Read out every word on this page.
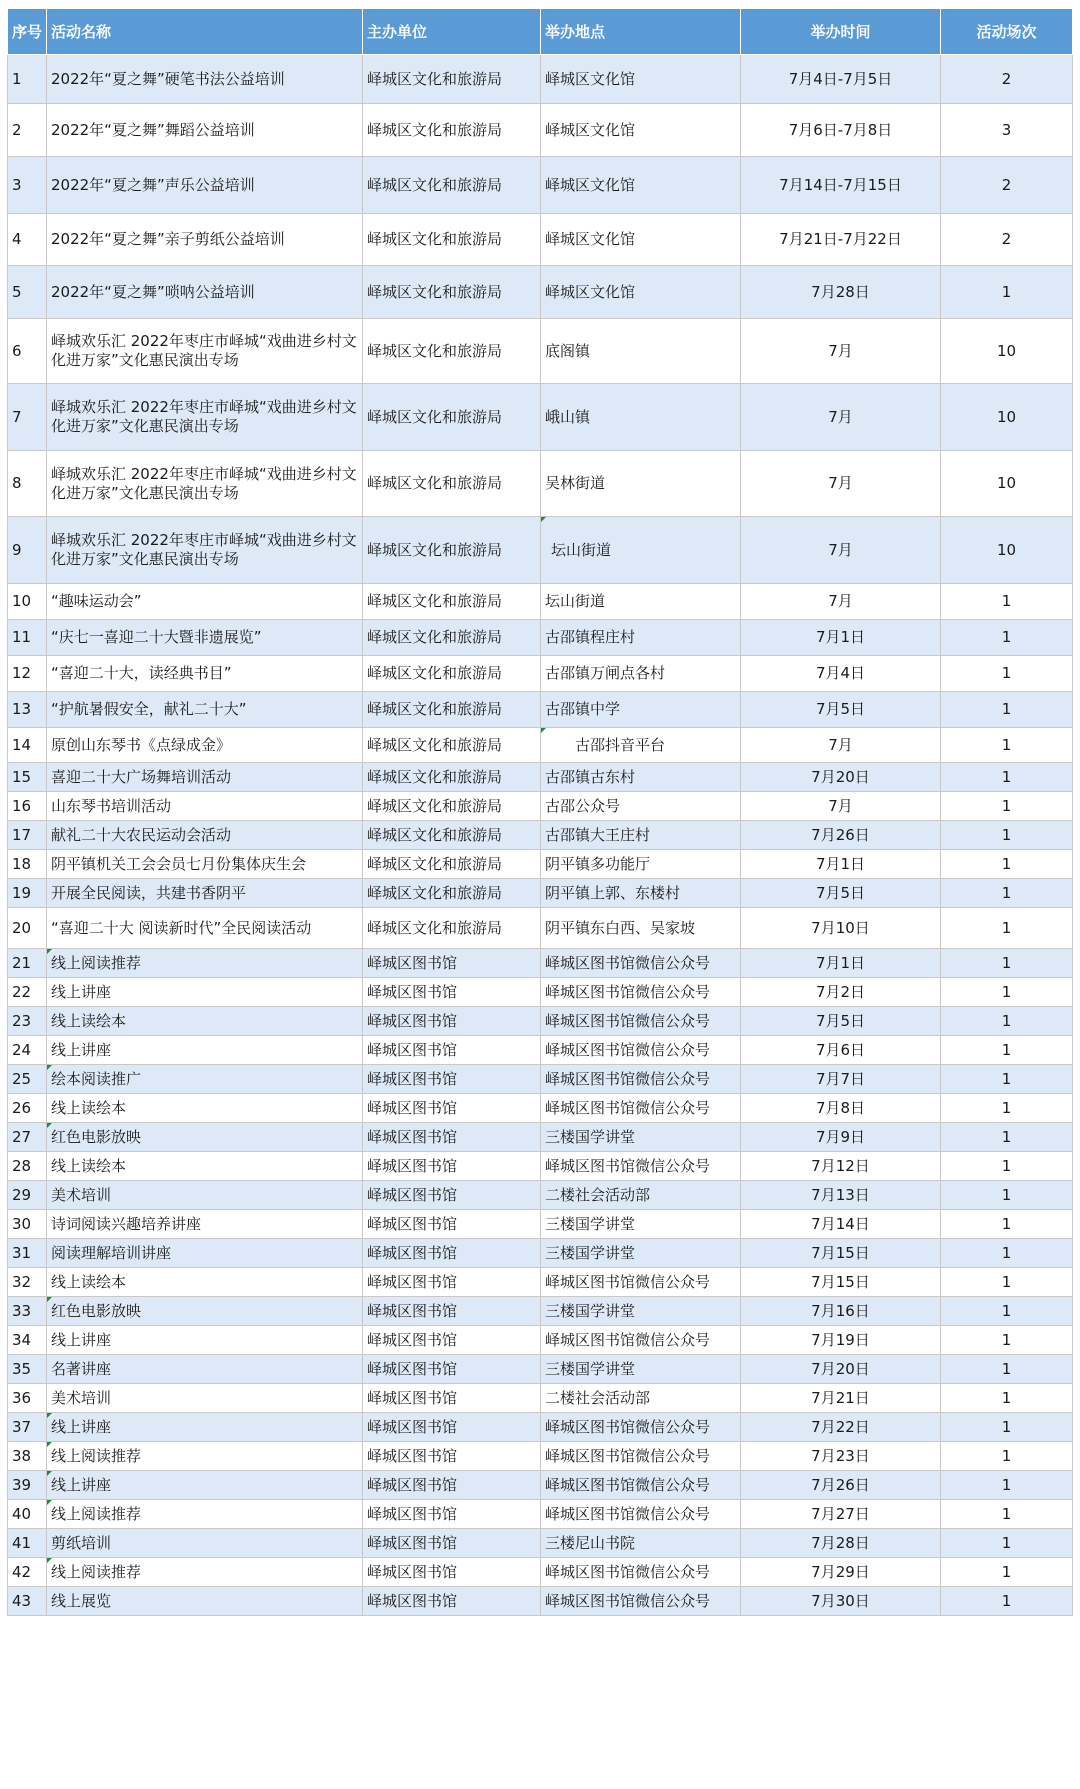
序号	活动名称	主办单位	举办地点	举办时间	活动场次
1	2022年“夏之舞”硬笔书法公益培训	峄城区文化和旅游局	峄城区文化馆	7月4日-7月5日	2
2	2022年“夏之舞”舞蹈公益培训	峄城区文化和旅游局	峄城区文化馆	7月6日-7月8日	3
3	2022年“夏之舞”声乐公益培训	峄城区文化和旅游局	峄城区文化馆	7月14日-7月15日	2
4	2022年“夏之舞”亲子剪纸公益培训	峄城区文化和旅游局	峄城区文化馆	7月21日-7月22日	2
5	2022年“夏之舞”唢呐公益培训	峄城区文化和旅游局	峄城区文化馆	7月28日	1
6	峄城欢乐汇 2022年枣庄市峄城“戏曲进乡村文化进万家”文化惠民演出专场	峄城区文化和旅游局	底阁镇	7月	10
7	峄城欢乐汇 2022年枣庄市峄城“戏曲进乡村文化进万家”文化惠民演出专场	峄城区文化和旅游局	峨山镇	7月	10
8	峄城欢乐汇 2022年枣庄市峄城“戏曲进乡村文化进万家”文化惠民演出专场	峄城区文化和旅游局	吴林街道	7月	10
9	峄城欢乐汇 2022年枣庄市峄城“戏曲进乡村文化进万家”文化惠民演出专场	峄城区文化和旅游局	坛山街道	7月	10
10	“趣味运动会”	峄城区文化和旅游局	坛山街道	7月	1
11	“庆七一喜迎二十大暨非遗展览”	峄城区文化和旅游局	古邵镇程庄村	7月1日	1
12	“喜迎二十大，读经典书目”	峄城区文化和旅游局	古邵镇万闸点各村	7月4日	1
13	“护航暑假安全，献礼二十大”	峄城区文化和旅游局	古邵镇中学	7月5日	1
14	原创山东琴书《点绿成金》	峄城区文化和旅游局	古邵抖音平台	7月	1
15	喜迎二十大广场舞培训活动	峄城区文化和旅游局	古邵镇古东村	7月20日	1
16	山东琴书培训活动	峄城区文化和旅游局	古邵公众号	7月	1
17	献礼二十大农民运动会活动	峄城区文化和旅游局	古邵镇大王庄村	7月26日	1
18	阴平镇机关工会会员七月份集体庆生会	峄城区文化和旅游局	阴平镇多功能厅	7月1日	1
19	开展全民阅读，共建书香阴平	峄城区文化和旅游局	阴平镇上郭、东楼村	7月5日	1
20	“喜迎二十大 阅读新时代”全民阅读活动	峄城区文化和旅游局	阴平镇东白西、吴家坡	7月10日	1
21	线上阅读推荐	峄城区图书馆	峄城区图书馆微信公众号	7月1日	1
22	线上讲座	峄城区图书馆	峄城区图书馆微信公众号	7月2日	1
23	线上读绘本	峄城区图书馆	峄城区图书馆微信公众号	7月5日	1
24	线上讲座	峄城区图书馆	峄城区图书馆微信公众号	7月6日	1
25	绘本阅读推广	峄城区图书馆	峄城区图书馆微信公众号	7月7日	1
26	线上读绘本	峄城区图书馆	峄城区图书馆微信公众号	7月8日	1
27	红色电影放映	峄城区图书馆	三楼国学讲堂	7月9日	1
28	线上读绘本	峄城区图书馆	峄城区图书馆微信公众号	7月12日	1
29	美术培训	峄城区图书馆	二楼社会活动部	7月13日	1
30	诗词阅读兴趣培养讲座	峄城区图书馆	三楼国学讲堂	7月14日	1
31	阅读理解培训讲座	峄城区图书馆	三楼国学讲堂	7月15日	1
32	线上读绘本	峄城区图书馆	峄城区图书馆微信公众号	7月15日	1
33	红色电影放映	峄城区图书馆	三楼国学讲堂	7月16日	1
34	线上讲座	峄城区图书馆	峄城区图书馆微信公众号	7月19日	1
35	名著讲座	峄城区图书馆	三楼国学讲堂	7月20日	1
36	美术培训	峄城区图书馆	二楼社会活动部	7月21日	1
37	线上讲座	峄城区图书馆	峄城区图书馆微信公众号	7月22日	1
38	线上阅读推荐	峄城区图书馆	峄城区图书馆微信公众号	7月23日	1
39	线上讲座	峄城区图书馆	峄城区图书馆微信公众号	7月26日	1
40	线上阅读推荐	峄城区图书馆	峄城区图书馆微信公众号	7月27日	1
41	剪纸培训	峄城区图书馆	三楼尼山书院	7月28日	1
42	线上阅读推荐	峄城区图书馆	峄城区图书馆微信公众号	7月29日	1
43	线上展览	峄城区图书馆	峄城区图书馆微信公众号	7月30日	1
